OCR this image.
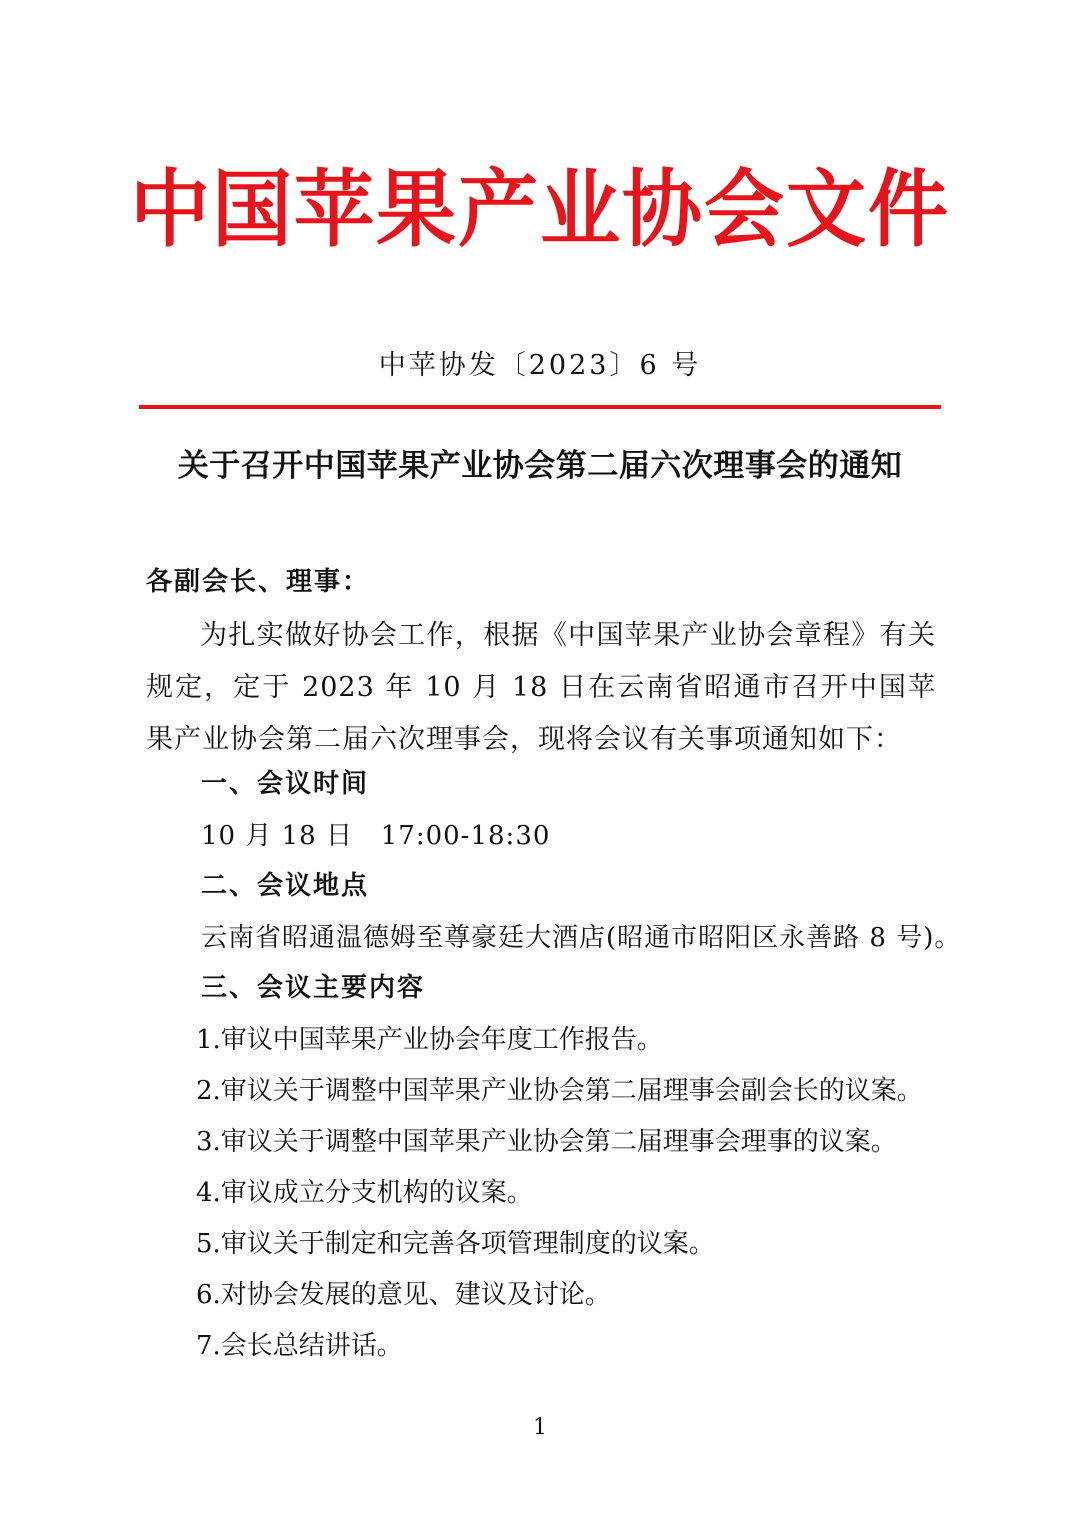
中国苹果产业协会文件
中苹协发〔2023〕6 号
关于召开中国苹果产业协会第二届六次理事会的通知
各副会长、理事：
为扎实做好协会工作，根据《中国苹果产业协会章程》有关规定，定于 2023 年 10 月 18 日在云南省昭通市召开中国苹果产业协会第二届六次理事会，现将会议有关事项通知如下：
一、会议时间
10 月 18 日   17:00-18:30
二、会议地点
云南省昭通温德姆至尊豪廷大酒店(昭通市昭阳区永善路 8 号)。
三、会议主要内容
1.审议中国苹果产业协会年度工作报告。
2.审议关于调整中国苹果产业协会第二届理事会副会长的议案。
3.审议关于调整中国苹果产业协会第二届理事会理事的议案。
4.审议成立分支机构的议案。
5.审议关于制定和完善各项管理制度的议案。
6.对协会发展的意见、建议及讨论。
7.会长总结讲话。
1
